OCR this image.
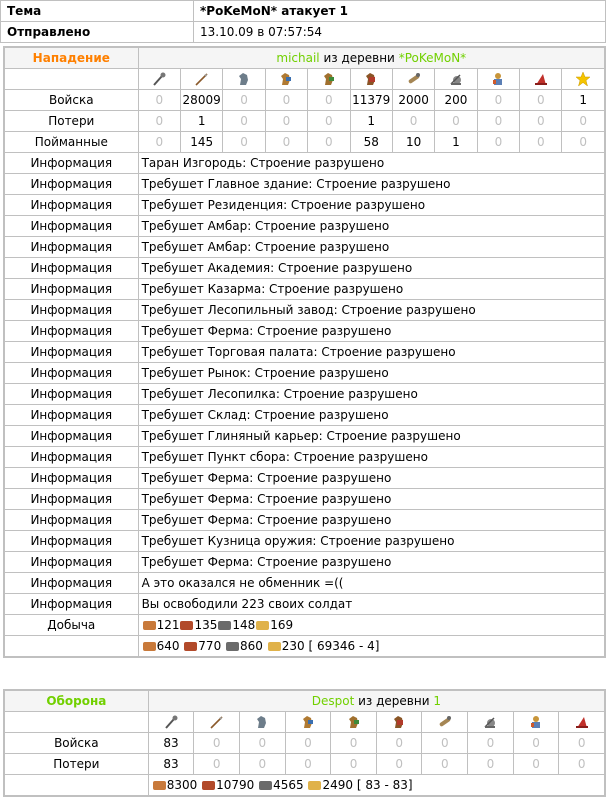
Тема	*PoKeMoN* атакует 1
Отправлено	13.10.09 в 07:57:54
Нападение	michail из деревни *PoKeMoN*										

Войска	0	28009	0	0	0	11379	2000	200	0	0	1
Потери	0	1	0	0	0	1	0	0	0	0	0
Пойманные	0	145	0	0	0	58	10	1	0	0	0
Информация	Таран Изгородь: Строение разрушено										
Информация	Требушет Главное здание: Строение разрушено										
Информация	Требушет Резиденция: Строение разрушено										
Информация	Требушет Амбар: Строение разрушено										
Информация	Требушет Амбар: Строение разрушено										
Информация	Требушет Академия: Строение разрушено										
Информация	Требушет Казарма: Строение разрушено										
Информация	Требушет Лесопильный завод: Строение разрушено										
Информация	Требушет Ферма: Строение разрушено										
Информация	Требушет Торговая палата: Строение разрушено										
Информация	Требушет Рынок: Строение разрушено										
Информация	Требушет Лесопилка: Строение разрушено										
Информация	Требушет Склад: Строение разрушено										
Информация	Требушет Глиняный карьер: Строение разрушено										
Информация	Требушет Пункт сбора: Строение разрушено										
Информация	Требушет Ферма: Строение разрушено										
Информация	Требушет Ферма: Строение разрушено										
Информация	Требушет Ферма: Строение разрушено										
Информация	Требушет Кузница оружия: Строение разрушено										
Информация	Требушет Ферма: Строение разрушено										
Информация	А это оказался не обменник =((										
Информация	Вы освободили 223 своих солдат										
Добыча	121 135 148 169										
	640 770 860 230 [ 69346 - 4]										
Оборона	Despot из деревни 1									

Войска	83	0	0	0	0	0	0	0	0	0
Потери	83	0	0	0	0	0	0	0	0	0
	8300 10790 4565 2490 [ 83 - 83]									
